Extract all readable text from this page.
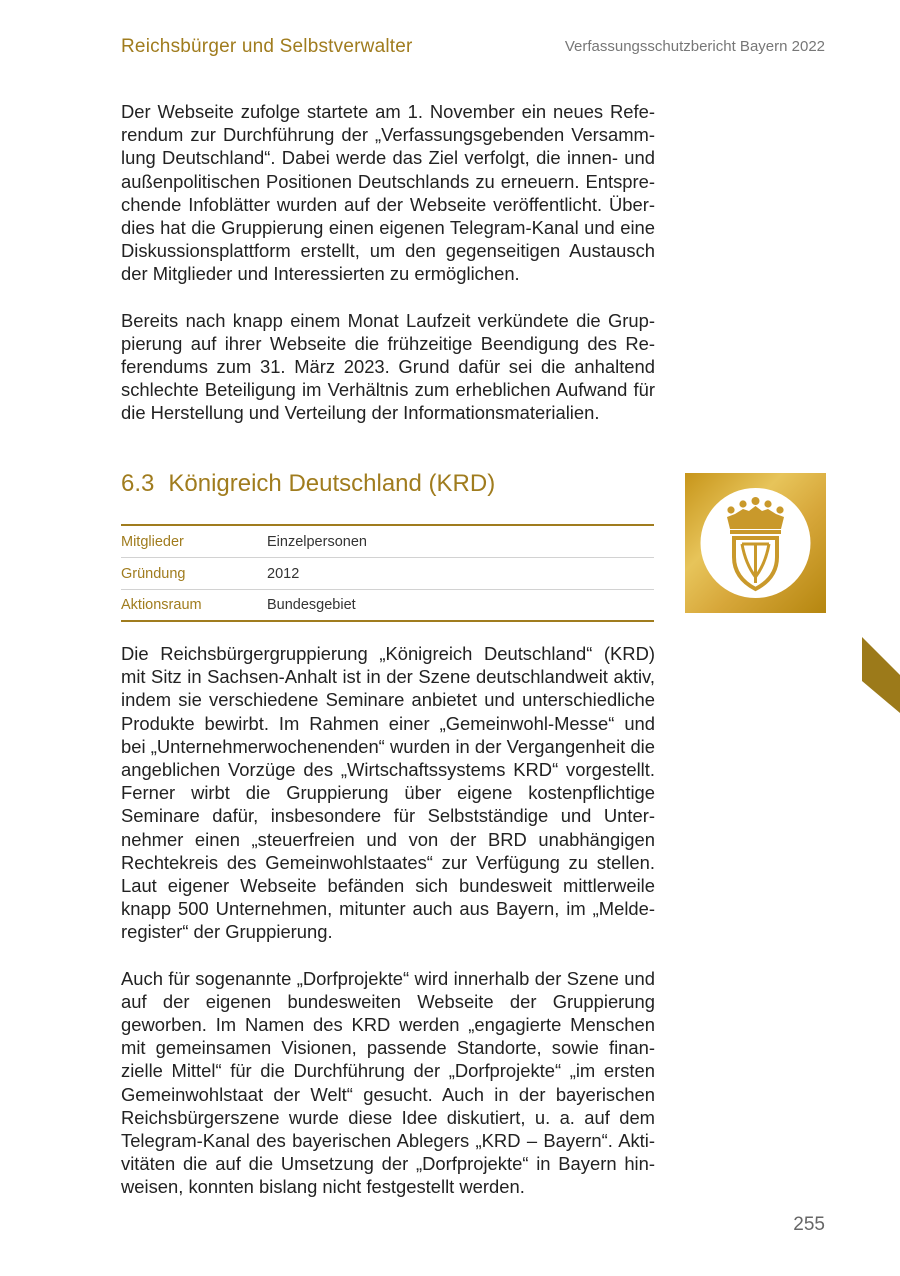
Reichsbürger und Selbstverwalter	Verfassungsschutzbericht Bayern 2022

Der Webseite zufolge startete am 1. November ein neues Referendum zur Durchführung der „Verfassungsgebenden Versammlung Deutschland“. Dabei werde das Ziel verfolgt, die innen- und außenpolitischen Positionen Deutschlands zu erneuern. Entsprechende Infoblätter wurden auf der Webseite veröffentlicht. Überdies hat die Gruppierung einen eigenen Telegram-Kanal und eine Diskussionsplattform erstellt, um den gegenseitigen Austausch der Mitglieder und Interessierten zu ermöglichen.

Bereits nach knapp einem Monat Laufzeit verkündete die Gruppierung auf ihrer Webseite die frühzeitige Beendigung des Referendums zum 31. März 2023. Grund dafür sei die anhaltend schlechte Beteiligung im Verhältnis zum erheblichen Aufwand für die Herstellung und Verteilung der Informationsmaterialien.

6.3 Königreich Deutschland (KRD)
Mitglieder	Einzelpersonen
Gründung	2012
Aktionsraum	Bundesgebiet

Die Reichsbürgergruppierung „Königreich Deutschland“ (KRD) mit Sitz in Sachsen-Anhalt ist in der Szene deutschlandweit aktiv, indem sie verschiedene Seminare anbietet und unterschiedliche Produkte bewirbt. Im Rahmen einer „Gemeinwohl-Messe“ und bei „Unternehmerwochenenden“ wurden in der Vergangenheit die angeblichen Vorzüge des „Wirtschaftssystems KRD“ vorgestellt. Ferner wirbt die Gruppierung über eigene kostenpflichtige Seminare dafür, insbesondere für Selbstständige und Unternehmer einen „steuerfreien und von der BRD unabhängigen Rechtekreis des Gemeinwohlstaates“ zur Verfügung zu stellen. Laut eigener Webseite befänden sich bundesweit mittlerweile knapp 500 Unternehmen, mitunter auch aus Bayern, im „Melderegister“ der Gruppierung.

Auch für sogenannte „Dorfprojekte“ wird innerhalb der Szene und auf der eigenen bundesweiten Webseite der Gruppierung geworben. Im Namen des KRD werden „engagierte Menschen mit gemeinsamen Visionen, passende Standorte, sowie finanzielle Mittel“ für die Durchführung der „Dorfprojekte“ „im ersten Gemeinwohlstaat der Welt“ gesucht. Auch in der bayerischen Reichsbürgerszene wurde diese Idee diskutiert, u. a. auf dem Telegram-Kanal des bayerischen Ablegers „KRD – Bayern“. Aktivitäten die auf die Umsetzung der „Dorfprojekte“ in Bayern hinweisen, konnten bislang nicht festgestellt werden.

255
